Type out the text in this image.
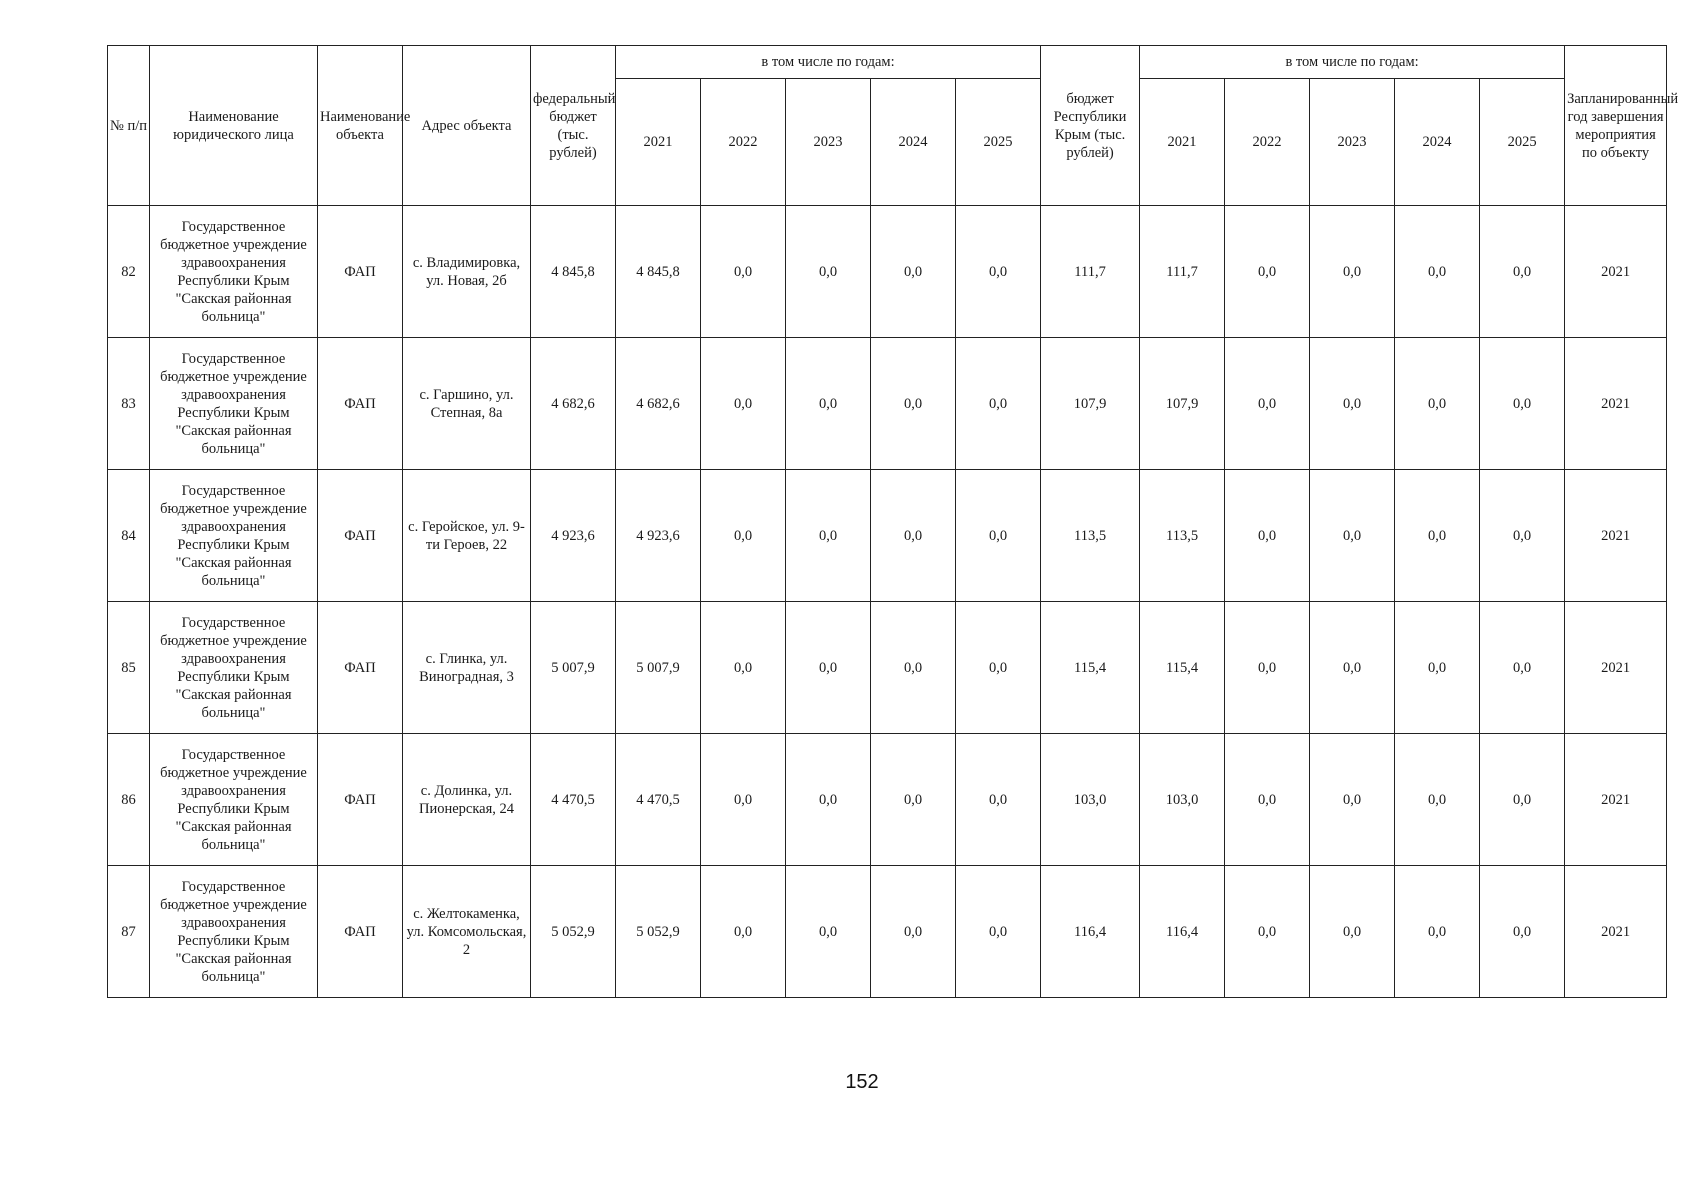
№ п/п	Наименование юридического лица	Наименование объекта	Адрес объекта	федеральный бюджет (тыс. рублей)	в том числе по годам:					бюджет Республики Крым (тыс. рублей)	в том числе по годам:					Запланированный год завершения мероприятия по объекту
					2021	2022	2023	2024	2025		2021	2022	2023	2024	2025	
82	Государственное бюджетное учреждение здравоохранения Республики Крым "Сакская районная больница"	ФАП	с. Владимировка, ул. Новая, 2б	4 845,8	4 845,8	0,0	0,0	0,0	0,0	111,7	111,7	0,0	0,0	0,0	0,0	2021
83	Государственное бюджетное учреждение здравоохранения Республики Крым "Сакская районная больница"	ФАП	с. Гаршино, ул. Степная, 8а	4 682,6	4 682,6	0,0	0,0	0,0	0,0	107,9	107,9	0,0	0,0	0,0	0,0	2021
84	Государственное бюджетное учреждение здравоохранения Республики Крым "Сакская районная больница"	ФАП	с. Геройское, ул. 9-ти Героев, 22	4 923,6	4 923,6	0,0	0,0	0,0	0,0	113,5	113,5	0,0	0,0	0,0	0,0	2021
85	Государственное бюджетное учреждение здравоохранения Республики Крым "Сакская районная больница"	ФАП	с. Глинка, ул. Виноградная, 3	5 007,9	5 007,9	0,0	0,0	0,0	0,0	115,4	115,4	0,0	0,0	0,0	0,0	2021
86	Государственное бюджетное учреждение здравоохранения Республики Крым "Сакская районная больница"	ФАП	с. Долинка, ул. Пионерская, 24	4 470,5	4 470,5	0,0	0,0	0,0	0,0	103,0	103,0	0,0	0,0	0,0	0,0	2021
87	Государственное бюджетное учреждение здравоохранения Республики Крым "Сакская районная больница"	ФАП	с. Желтокаменка, ул. Комсомольская, 2	5 052,9	5 052,9	0,0	0,0	0,0	0,0	116,4	116,4	0,0	0,0	0,0	0,0	2021
152
